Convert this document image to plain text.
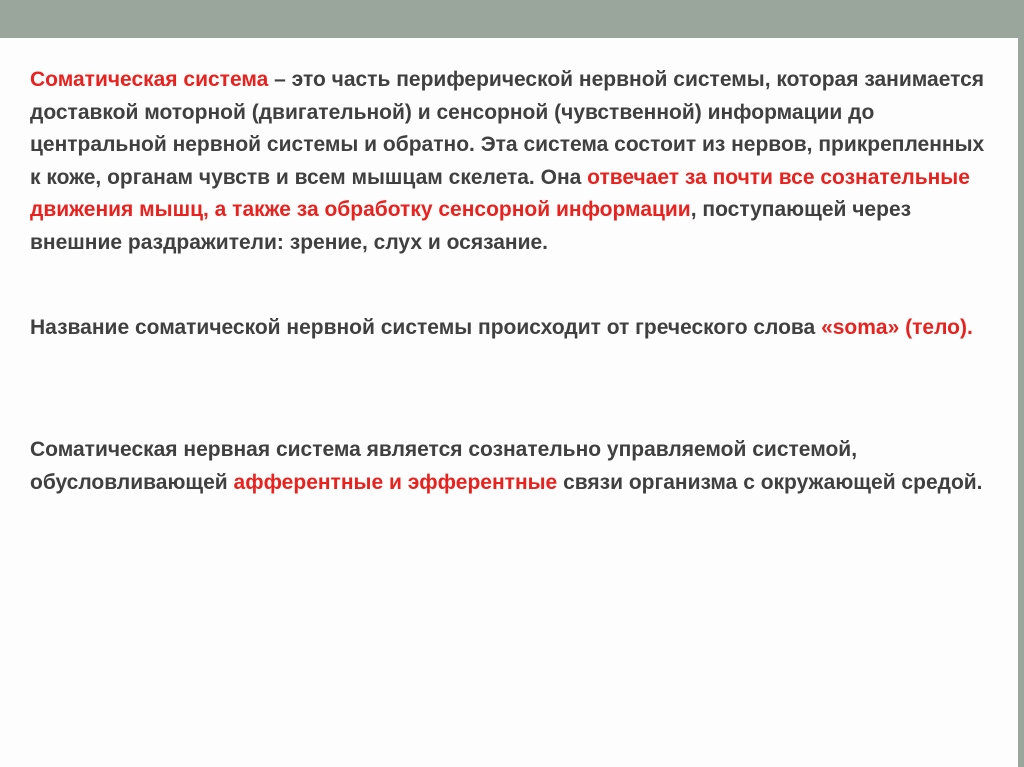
Соматическая система – это часть периферической нервной системы, которая занимается доставкой моторной (двигательной) и сенсорной (чувственной) информации до центральной нервной системы и обратно. Эта система состоит из нервов, прикрепленных к коже, органам чувств и всем мышцам скелета. Она отвечает за почти все сознательные движения мышц, а также за обработку сенсорной информации, поступающей через внешние раздражители: зрение, слух и осязание.

Название соматической нервной системы происходит от греческого слова «soma» (тело).

Соматическая нервная система является сознательно управляемой системой, обусловливающей афферентные и эфферентные связи организма с окружающей средой.
